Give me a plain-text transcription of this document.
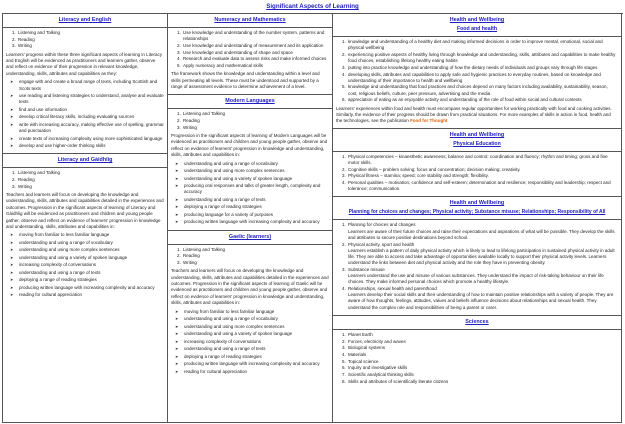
Significant Aspects of Learning
Literacy and English
1. Listening and Talking
2. Reading
3. Writing

Learners' progress within these three significant aspects of learning in Literacy and English will be evidenced as practitioners and learners gather, observe and reflect on evidence of their progression in relevant knowledge, understanding, skills, attributes and capabilities as they:

➤ engage with and create a broad range of texts, including Scottish and Scots texts
➤ use reading and listening strategies to understand, analyse and evaluate texts
➤ find and use information
➤ develop critical literacy skills, including evaluating sources
➤ write with increasing accuracy, making effective use of spelling, grammar and punctuation
➤ create texts of increasing complexity using more sophisticated language
➤ develop and use higher-order thinking skills
Literacy and Gàidhlig
1. Listening and Talking
2. Reading
3. Writing

Teachers and learners will focus on developing the knowledge and understanding, skills, attributes and capabilities detailed in the experiences and outcomes. Progression in the significant aspects of learning of Literacy and Gàidhlig will be evidenced as practitioners and children and young people gather, observe and reflect on evidence of learners' progression in knowledge and understanding, skills, attributes and capabilities in:

➤ moving from familiar to less familiar language
➤ understanding and using a range of vocabulary
➤ understanding and using more complex sentences
➤ understanding and using a variety of spoken language
➤ increasing complexity of conversations
➤ understanding and using a range of texts
➤ deploying a range of reading strategies
➤ producing written language with increasing complexity and accuracy
➤ reading for cultural appreciation
Numeracy and Mathematics
1. Use knowledge and understanding of the number system, patterns and relationships
2. Use knowledge and understanding of measurement and its application
3. Use knowledge and understanding of shape and space
4. Research and evaluate data to assess risks and make informed choices
5. Apply numeracy and mathematical skills

The framework shows the knowledge and understanding within a level and skills permeating all levels. These must be understood and supported by a range of assessment evidence to determine achievement of a level.

Modern Languages
1. Listening and Talking
2. Reading
3. Writing

Progression in the significant aspects of learning of Modern Languages will be evidenced as practitioners and children and young people gather, observe and reflect on evidence of learners' progression in knowledge and understanding, skills, attributes and capabilities in:

➤ understanding and using a range of vocabulary
➤ understanding and using more complex sentences
➤ understanding and using a variety of spoken language
➤ producing oral responses and talks of greater length, complexity and accuracy
➤ understanding and using a range of texts
➤ deploying a range of reading strategies
➤ producing language for a variety of purposes
➤ producing written language with increasing complexity and accuracy
Gaelic (learners)
1. Listening and Talking
2. Reading
3. Writing

Teachers and learners will focus on developing the knowledge and understanding, skills, attributes and capabilities detailed in the experiences and outcomes. Progression in the significant aspects of learning of Gaelic will be evidenced as practitioners and children and young people gather, observe and reflect on evidence of learners' progression in knowledge and understanding, skills, attributes and capabilities in:

➤ moving from familiar to less familiar language
➤ understanding and using a range of vocabulary
➤ understanding and using more complex sentences
➤ understanding and using a variety of spoken language
➤ increasing complexity of conversations
➤ understanding and using a range of texts
➤ deploying a range of reading strategies
➤ producing written language with increasing complexity and accuracy
➤ reading for cultural appreciation
Health and Wellbeing
Food and health
1. knowledge and understanding of a healthy diet and making informed decisions in order to improve mental, emotional, social and physical wellbeing
2. experiencing positive aspects of healthy living through knowledge and understanding, skills, attributes and capabilities to make healthy food choices, establishing lifelong healthy eating habits
3. putting into practice knowledge and understanding of how the dietary needs of individuals and groups vary through life stages
4. developing skills, attributes and capabilities to apply safe and hygienic practices to everyday routines, based on knowledge and understanding of their importance to health and wellbeing
5. knowledge and understanding that food practices and choices depend on many factors including availability, sustainability, season, cost, religious beliefs, culture, peer pressure, advertising and the media
6. appreciation of eating as an enjoyable activity and understanding of the role of food within social and cultural contexts

Learners' experiences within food and health must encompass regular opportunities for working practically with food and cooking activities. Similarly, the evidence of their progress should be drawn from practical situations. For more examples of skills in action in food, health and the technologies, see the publication Food for Thought

Health and Wellbeing
Physical Education
1. Physical competencies – kinaesthetic awareness; balance and control; coordination and fluency; rhythm and timing; gross and fine motor skills.
2. Cognitive skills – problem solving; focus and concentration; decision making; creativity.
3. Physical fitness – stamina; speed; core stability and strength; flexibility.
4. Personal qualities – motivation; confidence and self-esteem; determination and resilience; responsibility and leadership; respect and tolerance; communication.
Health and Wellbeing
Planning for choices and changes; Physical activity; Substance misuse; Relationships; Responsibility of All
1. Planning for choices and changes
Learners are aware of their future choices and raise their expectations and aspirations of what will be possible. They develop the skills and attributes to secure positive destinations beyond school.
2. Physical activity, sport and health
Learners establish a pattern of daily physical activity which is likely to lead to lifelong participation in sustained physical activity in adult life. They are able to access and take advantage of opportunities available locally to support their physical activity levels. Learners understand the links between diet and physical activity and the role they have in preventing obesity.
3. Substance misuse
Learners understand the use and misuse of various substances. They understand the impact of risk-taking behaviour on their life choices. They make informed personal choices which promote a healthy lifestyle.
4. Relationships, sexual health and parenthood
Learners develop their social skills and their understanding of how to maintain positive relationships with a variety of people. They are aware of how thoughts, feelings, attitudes, values and beliefs influence decisions about relationships and sexual health. They understand the complex role and responsibilities of being a parent or carer.
Sciences
1. Planet Earth
2. Forces, electricity and waves
3. Biological systems
4. Materials
5. Topical science
6. Inquiry and investigative skills
7. Scientific analytical thinking skills
8. Skills and attributes of scientifically literate citizens
